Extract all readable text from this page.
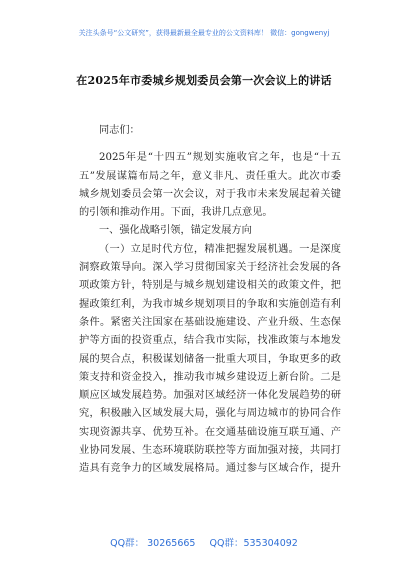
关注头条号“公文研究”，获得最新最全最专业的公文资料库！ 微信：gongwenyj
在2025年市委城乡规划委员会第一次会议上的讲话
同志们：
2025年是“十四五”规划实施收官之年，也是“十五
五”发展谋篇布局之年，意义非凡、责任重大。此次市委
城乡规划委员会第一次会议，对于我市未来发展起着关键
的引领和推动作用。下面，我讲几点意见。
一、强化战略引领，锚定发展方向
（一）立足时代方位，精准把握发展机遇。一是深度
洞察政策导向。深入学习贯彻国家关于经济社会发展的各
项政策方针，特别是与城乡规划建设相关的政策文件，把
握政策红利，为我市城乡规划项目的争取和实施创造有利
条件。紧密关注国家在基础设施建设、产业升级、生态保
护等方面的投资重点，结合我市实际，找准政策与本地发
展的契合点，积极谋划储备一批重大项目，争取更多的政
策支持和资金投入，推动我市城乡建设迈上新台阶。二是
顺应区域发展趋势。加强对区域经济一体化发展趋势的研
究，积极融入区域发展大局，强化与周边城市的协同合作
实现资源共享、优势互补。在交通基础设施互联互通、产
业协同发展、生态环境联防联控等方面加强对接，共同打
造具有竞争力的区域发展格局。通过参与区域合作，提升
QQ群： 30265665 QQ群：535304092
